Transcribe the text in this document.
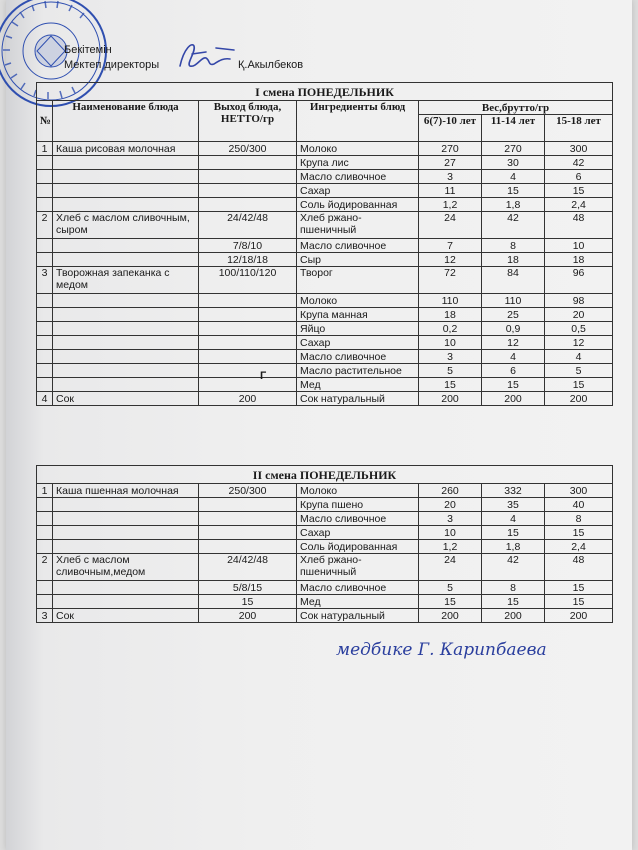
Бекітемін
Мектеп директоры	Қ.Акылбеков
I смена ПОНЕДЕЛЬНИК						
№	Наименование блюда	Выход блюда, НЕТТО/гр	Ингредиенты блюд	Вес,брутто/гр		
				6(7)-10 лет	11-14 лет	15-18 лет
1	Каша рисовая молочная	250/300	Молоко	270	270	300
			Крупа лис	27	30	42
			Масло сливочное	3	4	6
			Сахар	11	15	15
			Соль йодированная	1,2	1,8	2,4
2	Хлеб с маслом сливочным, сыром	24/42/48	Хлеб ржано-пшеничный	24	42	48
		7/8/10	Масло сливочное	7	8	10
		12/18/18	Сыр	12	18	18
3	Творожная запеканка с медом	100/110/120	Творог	72	84	96
			Молоко	110	110	98
			Крупа манная	18	25	20
			Яйцо	0,2	0,9	0,5
			Сахар	10	12	12
			Масло сливочное	3	4	4
			Масло растительное	5	6	5
			Мед	15	15	15
4	Сок	200	Сок натуральный	200	200	200
Г
II смена ПОНЕДЕЛЬНИК						
1	Каша пшенная молочная	250/300	Молоко	260	332	300
			Крупа пшено	20	35	40
			Масло сливочное	3	4	8
			Сахар	10	15	15
			Соль йодированная	1,2	1,8	2,4
2	Хлеб с маслом сливочным,медом	24/42/48	Хлеб ржано-пшеничный	24	42	48
		5/8/15	Масло сливочное	5	8	15
		15	Мед	15	15	15
3	Сок	200	Сок натуральный	200	200	200
медбике Г. Карипбаева
